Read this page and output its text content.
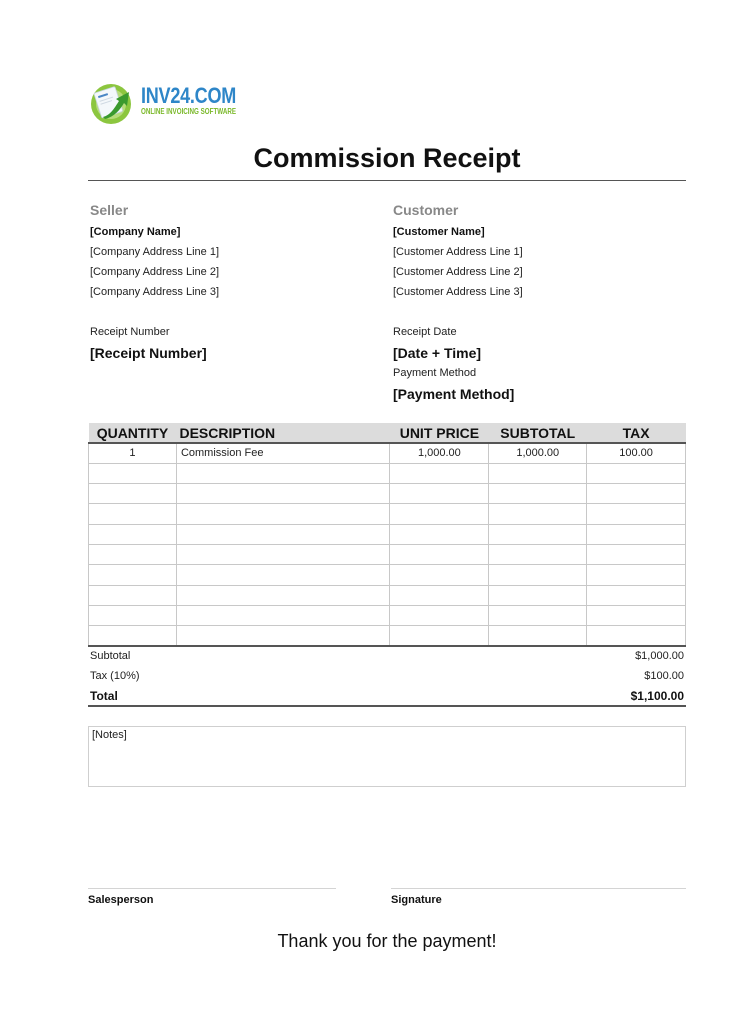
INV24.COM
ONLINE INVOICING SOFTWARE
Commission Receipt
Seller
[Company Name]
[Company Address Line 1]
[Company Address Line 2]
[Company Address Line 3]
Customer
[Customer Name]
[Customer Address Line 1]
[Customer Address Line 2]
[Customer Address Line 3]
Receipt Number
[Receipt Number]
Receipt Date
[Date + Time]
Payment Method
[Payment Method]
QUANTITY	DESCRIPTION	UNIT PRICE	SUBTOTAL	TAX
1	Commission Fee	1,000.00	1,000.00	100.00

Subtotal	$1,000.00
Tax (10%)	$100.00
Total	$1,100.00
[Notes]
Salesperson	Signature
Thank you for the payment!
